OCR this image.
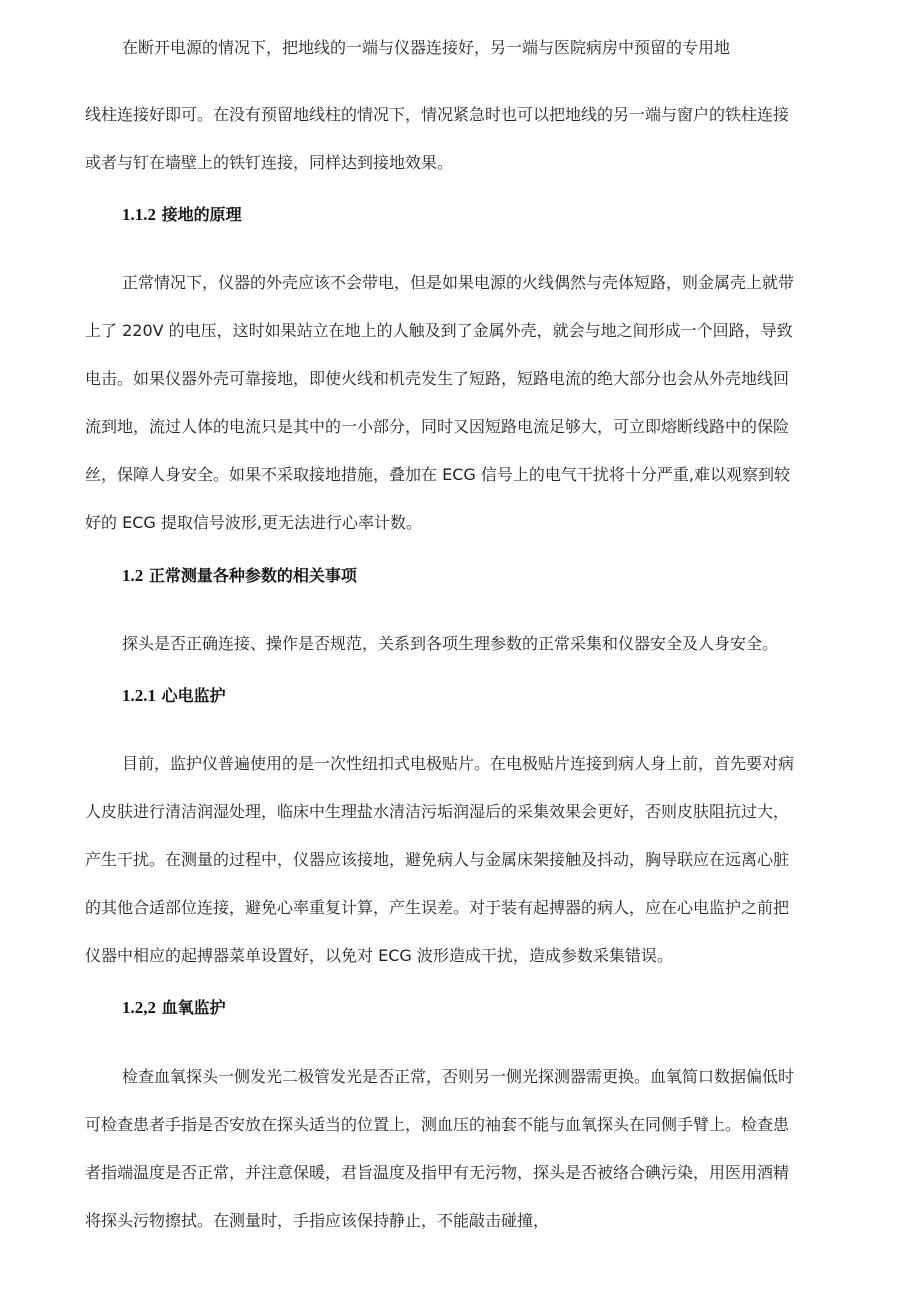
在断开电源的情况下，把地线的一端与仪器连接好，另一端与医院病房中预留的专用地
线柱连接好即可。在没有预留地线柱的情况下，情况紧急时也可以把地线的另一端与窗户的铁柱连接
或者与钉在墙壁上的铁钉连接，同样达到接地效果。
1.1.2 接地的原理
正常情况下，仪器的外壳应该不会带电，但是如果电源的火线偶然与壳体短路，则金属壳上就带
上了 220V 的电压，这时如果站立在地上的人触及到了金属外壳，就会与地之间形成一个回路，导致
电击。如果仪器外壳可靠接地，即使火线和机壳发生了短路，短路电流的绝大部分也会从外壳地线回
流到地，流过人体的电流只是其中的一小部分，同时又因短路电流足够大，可立即熔断线路中的保险
丝，保障人身安全。如果不采取接地措施，叠加在 ECG 信号上的电气干扰将十分严重,难以观察到较
好的 ECG 提取信号波形,更无法进行心率计数。
1.2 正常测量各种参数的相关事项
探头是否正确连接、操作是否规范，关系到各项生理参数的正常采集和仪器安全及人身安全。
1.2.1 心电监护
目前，监护仪普遍使用的是一次性纽扣式电极贴片。在电极贴片连接到病人身上前，首先要对病
人皮肤进行清洁润湿处理，临床中生理盐水清洁污垢润湿后的采集效果会更好，否则皮肤阻抗过大，
产生干扰。在测量的过程中，仪器应该接地，避免病人与金属床架接触及抖动，胸导联应在远离心脏
的其他合适部位连接，避免心率重复计算，产生误差。对于装有起搏器的病人，应在心电监护之前把
仪器中相应的起搏器菜单设置好，以免对 ECG 波形造成干扰，造成参数采集错误。
1.2,2 血氧监护
检查血氧探头一侧发光二极管发光是否正常，否则另一侧光探测器需更换。血氧简口数据偏低时
可检查患者手指是否安放在探头适当的位置上，测血压的袖套不能与血氧探头在同侧手臂上。检查患
者指端温度是否正常，并注意保暖，君旨温度及指甲有无污物，探头是否被络合碘污染，用医用酒精
将探头污物擦拭。在测量时，手指应该保持静止，不能敲击碰撞，
